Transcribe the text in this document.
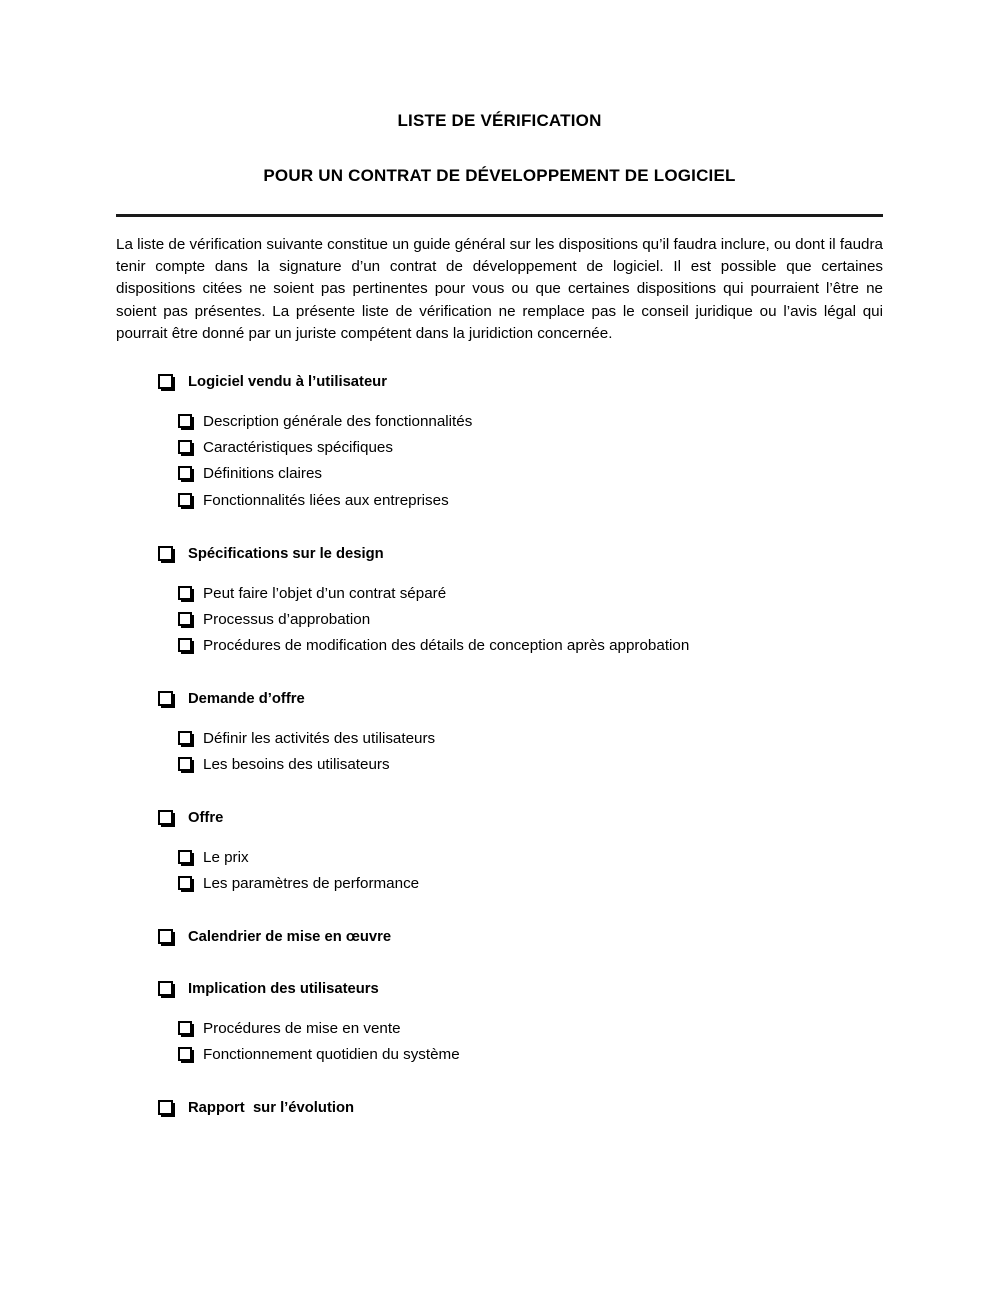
LISTE DE VÉRIFICATION
POUR UN CONTRAT DE DÉVELOPPEMENT DE LOGICIEL

La liste de vérification suivante constitue un guide général sur les dispositions qu’il faudra inclure, ou dont il faudra tenir compte dans la signature d’un contrat de développement de logiciel. Il est possible que certaines dispositions citées ne soient pas pertinentes pour vous ou que certaines dispositions qui pourraient l’être ne soient pas présentes. La présente liste de vérification ne remplace pas le conseil juridique ou l’avis légal qui pourrait être donné par un juriste compétent dans la juridiction concernée.

Logiciel vendu à l’utilisateur
Description générale des fonctionnalités
Caractéristiques spécifiques
Définitions claires
Fonctionnalités liées aux entreprises
Spécifications sur le design
Peut faire l’objet d’un contrat séparé
Processus d’approbation
Procédures de modification des détails de conception après approbation
Demande d’offre
Définir les activités des utilisateurs
Les besoins des utilisateurs
Offre
Le prix
Les paramètres de performance
Calendrier de mise en œuvre
Implication des utilisateurs
Procédures de mise en vente
Fonctionnement quotidien du système
Rapport  sur l’évolution
